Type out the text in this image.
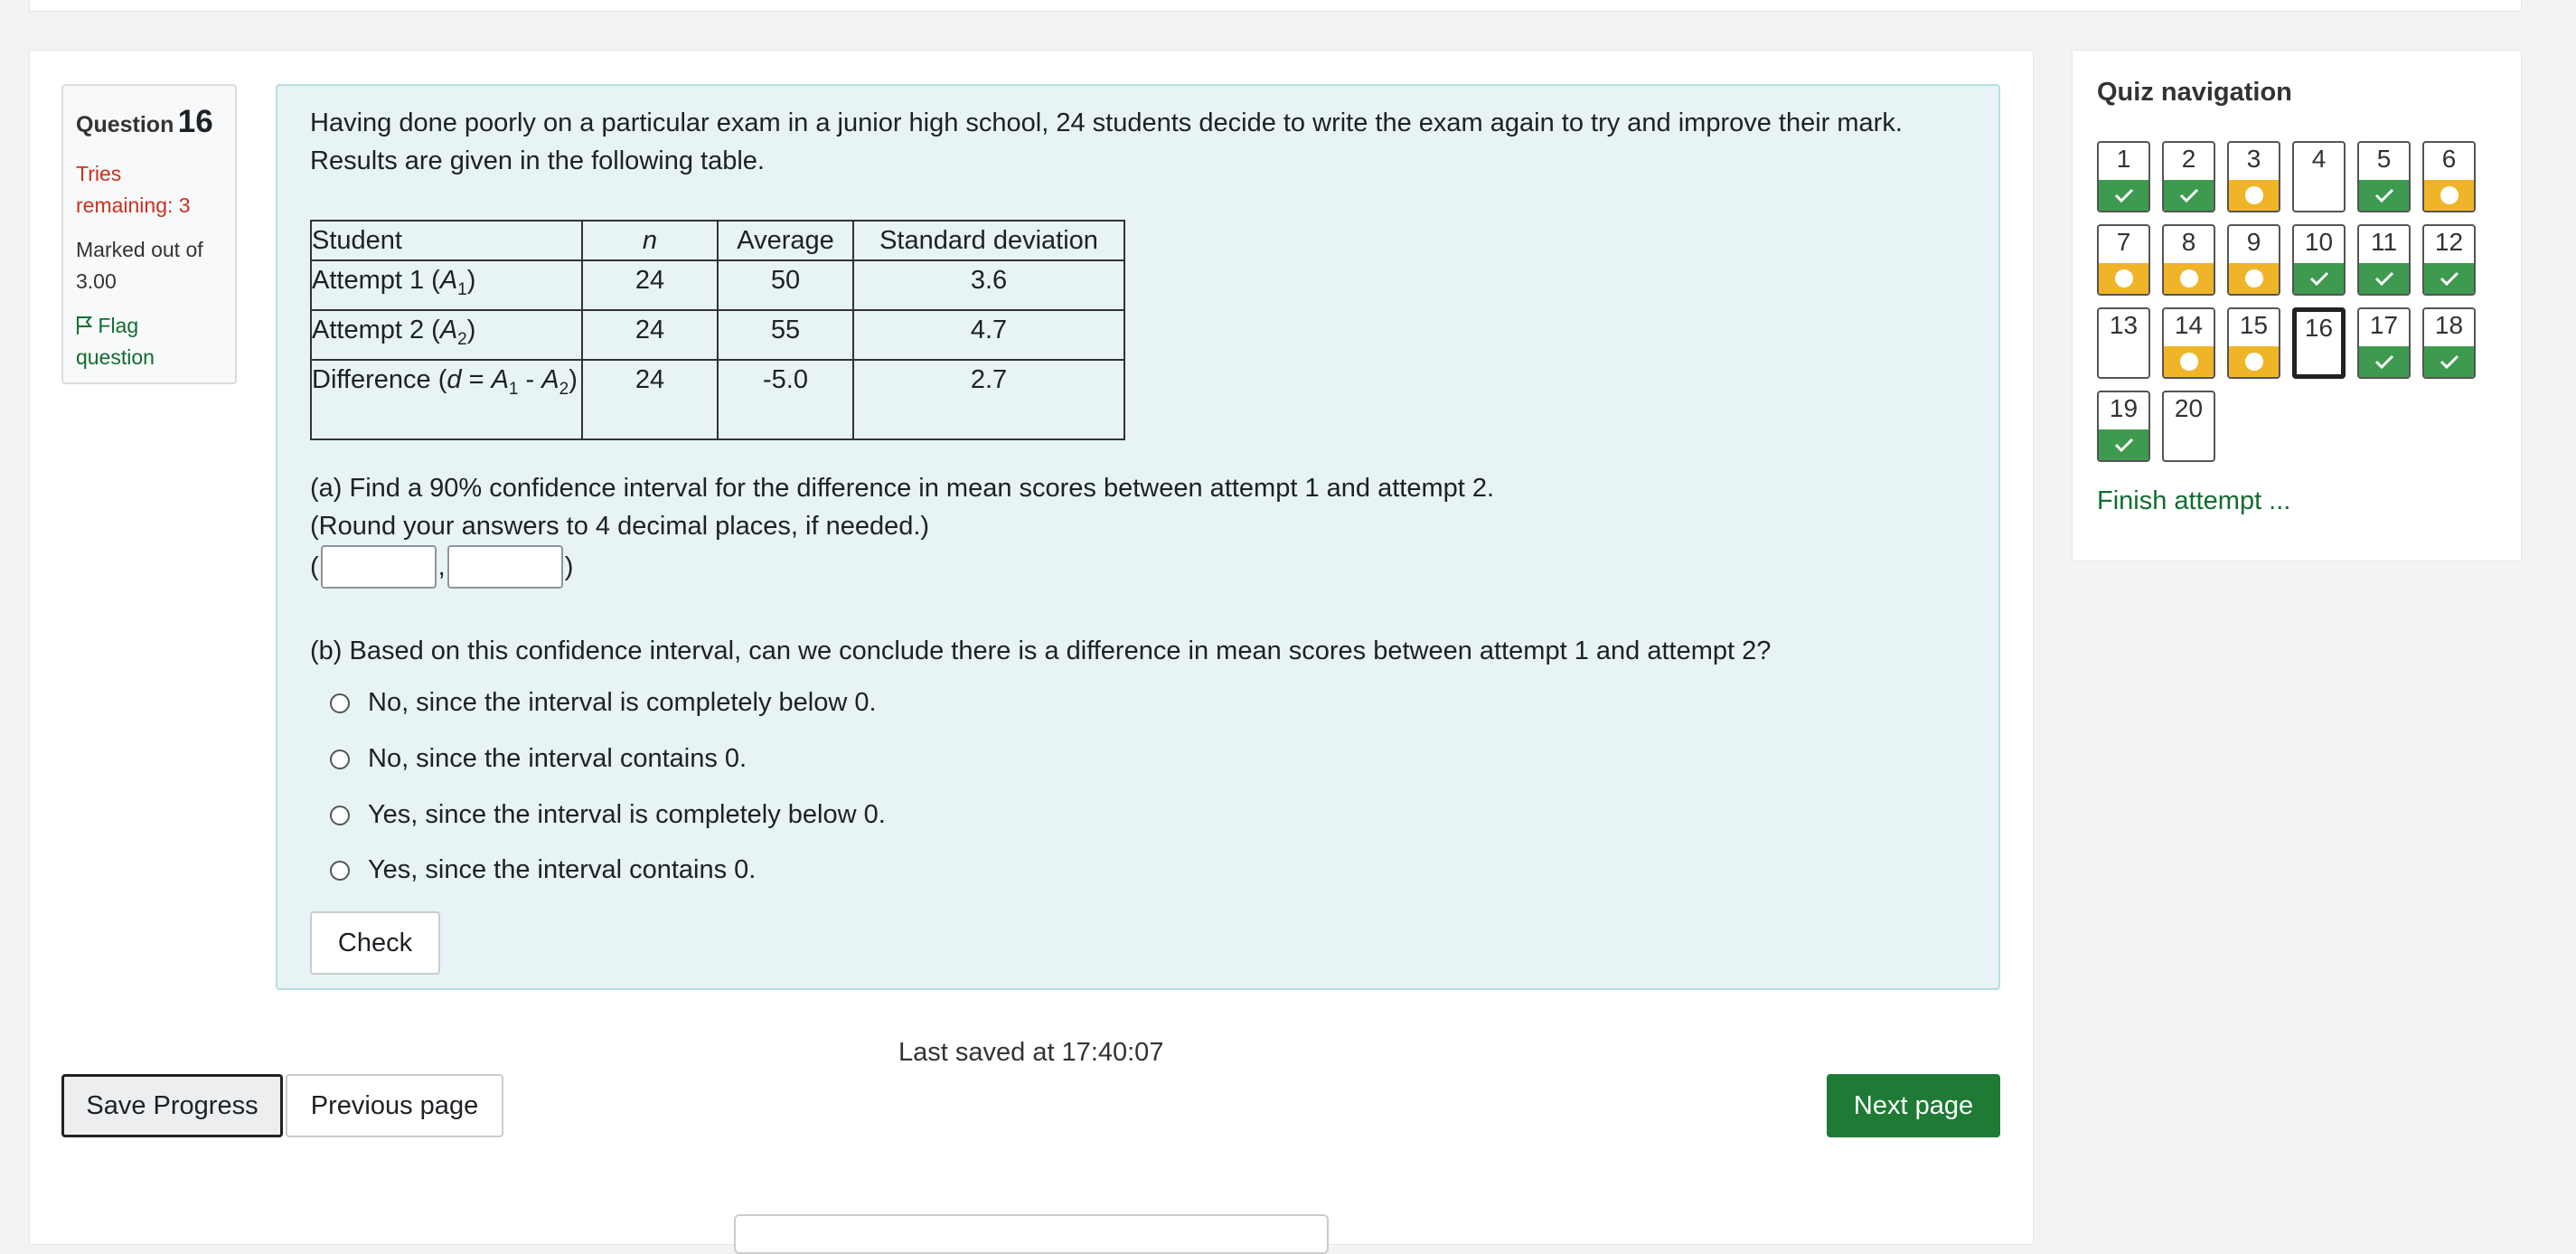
Question 16
Tries remaining: 3
Marked out of 3.00
Flag question
Having done poorly on a particular exam in a junior high school, 24 students decide to write the exam again to try and improve their mark. Results are given in the following table.
Student	n	Average	Standard deviation
Attempt 1 $(A_1)$	24	50	3.6
Attempt 2 $(A_2)$	24	55	4.7
Difference $(d = A_1 - A_2)$	24	-5.0	2.7
(a) Find a 90% confidence interval for the difference in mean scores between attempt 1 and attempt 2.
(Round your answers to 4 decimal places, if needed.)
(	,	)
(b) Based on this confidence interval, can we conclude there is a difference in mean scores between attempt 1 and attempt 2?
No, since the interval is completely below 0.
No, since the interval contains 0.
Yes, since the interval is completely below 0.
Yes, since the interval contains 0.
Check
Last saved at 17:40:07
Save Progress	Previous page	Next page
Quiz navigation
1	2	3	4	5	6
7	8	9	10	11	12
13	14	15	16	17	18
19	20
Finish attempt ...
